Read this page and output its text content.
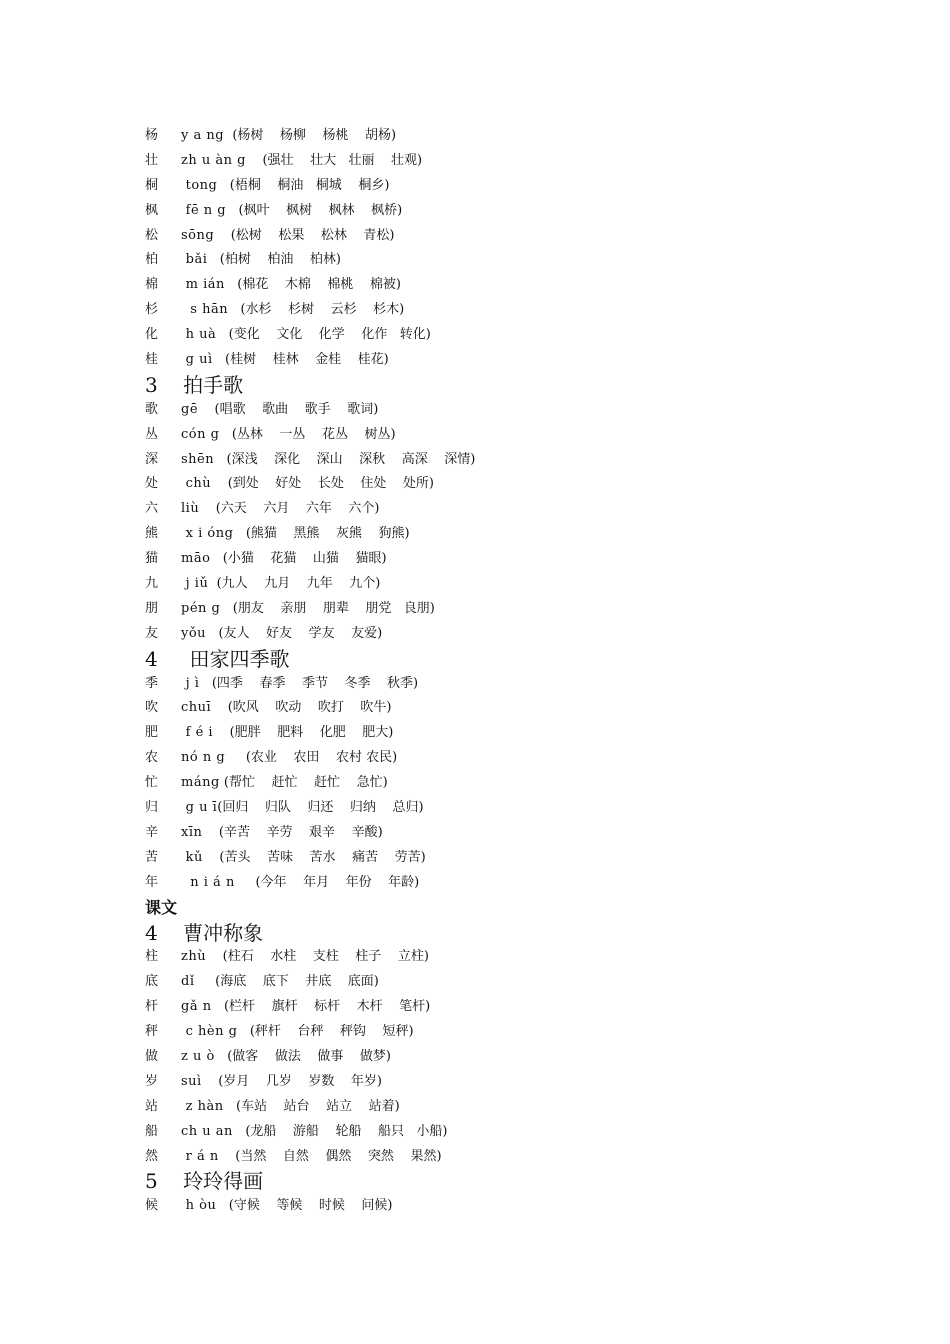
杨 y a ng  (杨树    杨柳    杨桃    胡杨)
壮 zh u àn g    (强壮    壮大   壮丽    壮观)
桐 tong   (梧桐    桐油   桐城    桐乡)
枫 fē n g   (枫叶    枫树    枫林    枫桥)
松 sōng    (松树    松果    松林    青松)
柏 bǎi   (柏树    柏油    柏林)
棉 m ián   (棉花    木棉    棉桃    棉被)
杉  s hān   (水杉    杉树    云杉    杉木)
化 h uà   (变化    文化    化学    化作   转化)
桂 g uì   (桂树    桂林    金桂    桂花)
3    拍手歌
歌 gē    (唱歌    歌曲    歌手    歌词)
丛 cón g   (丛林    一丛    花丛    树丛)
深 shēn   (深浅    深化    深山    深秋    高深    深情)
处 chù    (到处    好处    长处    住处    处所)
六 liù    (六天    六月    六年    六个)
熊 x i óng   (熊猫    黑熊    灰熊    狗熊)
猫 māo   (小猫    花猫    山猫    猫眼)
九 j iǔ  (九人    九月    九年    九个)
朋 pén g   (朋友    亲朋    朋辈    朋党   良朋)
友 yǒu   (友人    好友    学友    友爱)
4     田家四季歌
季 j ì   (四季    春季    季节    冬季    秋季)
吹 chuī    (吹风    吹动    吹打    吹牛)
肥 f é i    (肥胖    肥料    化肥    肥大)
农 nó n g     (农业    农田    农村 农民)
忙 máng (帮忙    赶忙    赶忙    急忙)
归 g u ī(回归    归队    归还    归纳    总归)
辛 xīn    (辛苦    辛劳    艰辛    辛酸)
苦 kǔ    (苦头    苦味    苦水    痛苦    劳苦)
年  n i á n     (今年    年月    年份    年龄)
课文
4    曹冲称象
柱 zhù    (柱石    水柱    支柱    柱子    立柱)
底 dǐ     (海底    底下    井底    底面)
杆 gǎ n   (栏杆    旗杆    标杆    木杆    笔杆)
秤 c hèn g   (秤杆    台秤    秤钩    短秤)
做 z u ò   (做客    做法    做事    做梦)
岁 suì    (岁月    几岁    岁数    年岁)
站 z hàn   (车站    站台    站立    站着)
船 ch u an   (龙船    游船    轮船    船只   小船)
然 r á n    (当然    自然    偶然    突然    果然)
5    玲玲得画
候 h òu   (守候    等候    时候    问候)
